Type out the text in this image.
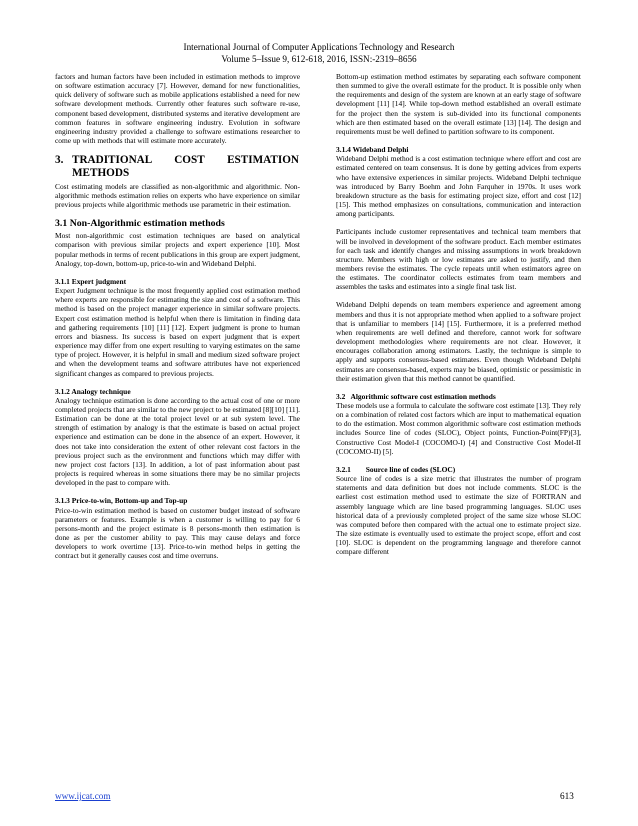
International Journal of Computer Applications Technology and Research
Volume 5–Issue 9, 612-618, 2016, ISSN:-2319–8656

factors and human factors have been included in estimation methods to improve on software estimation accuracy [7]. However, demand for new functionalities, quick delivery of software such as mobile applications established a need for new software development methods. Currently other features such software re-use, component based development, distributed systems and iterative development are common features in software engineering industry. Evolution in software engineering industry provided a challenge to software estimations researcher to come up with methods that will estimate more accurately.

3. TRADITIONAL COST ESTIMATION
METHODS

Cost estimating models are classified as non-algorithmic and algorithmic. Non-algorithmic methods estimation relies on experts who have experience on similar previous projects while algorithmic methods use parametric in their estimation.

3.1 Non-Algorithmic estimation methods

Most non-algorithmic cost estimation techniques are based on analytical comparison with previous similar projects and expert experience [10]. Most popular methods in terms of recent publications in this group are expert judgment, Analogy, top-down, bottom-up, price-to-win and Wideband Delphi.

3.1.1 Expert judgment

Expert Judgment technique is the most frequently applied cost estimation method where experts are responsible for estimating the size and cost of a software. This method is based on the project manager experience in similar software projects. Expert cost estimation method is helpful when there is limitation in finding data and gathering requirements [10] [11] [12]. Expert judgment is prone to human errors and biasness. Its success is based on expert judgment that is expert experience may differ from one expert resulting to varying estimates on the same type of project. However, it is helpful in small and medium sized software project and when the development teams and software attributes have not experienced significant changes as compared to previous projects.

3.1.2 Analogy technique

Analogy technique estimation is done according to the actual cost of one or more completed projects that are similar to the new project to be estimated [8][10] [11]. Estimation can be done at the total project level or at sub system level. The strength of estimation by analogy is that the estimate is based on actual project experience and estimation can be done in the absence of an expert. However, it does not take into consideration the extent of other relevant cost factors in the previous project such as the environment and functions which may differ with new project cost factors [13]. In addition, a lot of past information about past projects is required whereas in some situations there may be no similar projects developed in the past to compare with.

3.1.3 Price-to-win, Bottom-up and Top-up

Price-to-win estimation method is based on customer budget instead of software parameters or features. Example is when a customer is willing to pay for 6 persons-month and the project estimate is 8 persons-month then estimation is done as per the customer ability to pay. This may cause delays and force developers to work overtime [13]. Price-to-win method helps in getting the contract but it generally causes cost and time overruns.

Bottom-up estimation method estimates by separating each software component then summed to give the overall estimate for the product. It is possible only when the requirements and design of the system are known at an early stage of software development [11] [14]. While top-down method established an overall estimate for the project then the system is sub-divided into its functional components which are then estimated based on the overall estimate [13] [14]. The design and requirements must be well defined to partition software to its component.

3.1.4 Wideband Delphi

Wideband Delphi method is a cost estimation technique where effort and cost are estimated centered on team consensus. It is done by getting advices from experts who have extensive experiences in similar projects. Wideband Delphi technique was introduced by Barry Boehm and John Farquher in 1970s. It uses work breakdown structure as the basis for estimating project size, effort and cost [12] [15]. This method emphasizes on consultations, communication and interaction among participants.

Participants include customer representatives and technical team members that will be involved in development of the software product. Each member estimates for each task and identify changes and missing assumptions in work breakdown structure. Members with high or low estimates are asked to justify, and then members revise the estimates. The cycle repeats until when estimators agree on the estimates. The coordinator collects estimates from team members and assembles the tasks and estimates into a single final task list.

Wideband Delphi depends on team members experience and agreement among members and thus it is not appropriate method when applied to a software project that is unfamiliar to members [14] [15]. Furthermore, it is a preferred method when requirements are well defined and therefore, cannot work for software development methodologies where requirements are not clear. However, it encourages collaboration among estimators. Lastly, the technique is simple to apply and supports consensus-based estimates. Even though Wideband Delphi estimates are consensus-based, experts may be biased, optimistic or pessimistic in their estimation given that this method cannot be quantified.

3.2   Algorithmic software cost estimation methods

These models use a formula to calculate the software cost estimate [13]. They rely on a combination of related cost factors which are input to mathematical equation to do the estimation. Most common algorithmic software cost estimation methods includes Source line of codes (SLOC), Object points, Function-Point(FP)[3], Constructive Cost Model-I (COCOMO-I) [4] and Constructive Cost Model-II (COCOMO-II) [5].

3.2.1        Source line of codes (SLOC)

Source line of codes is a size metric that illustrates the number of program statements and data definition but does not include comments. SLOC is the earliest cost estimation method used to estimate the size of FORTRAN and assembly language which are line based programming languages. SLOC uses historical data of a previously completed project of the same size whose SLOC was computed before then compared with the actual one to estimate project size. The size estimate is eventually used to estimate the project scope, effort and cost [10]. SLOC is dependent on the programming language and therefore cannot compare different

www.ijcat.com	613
